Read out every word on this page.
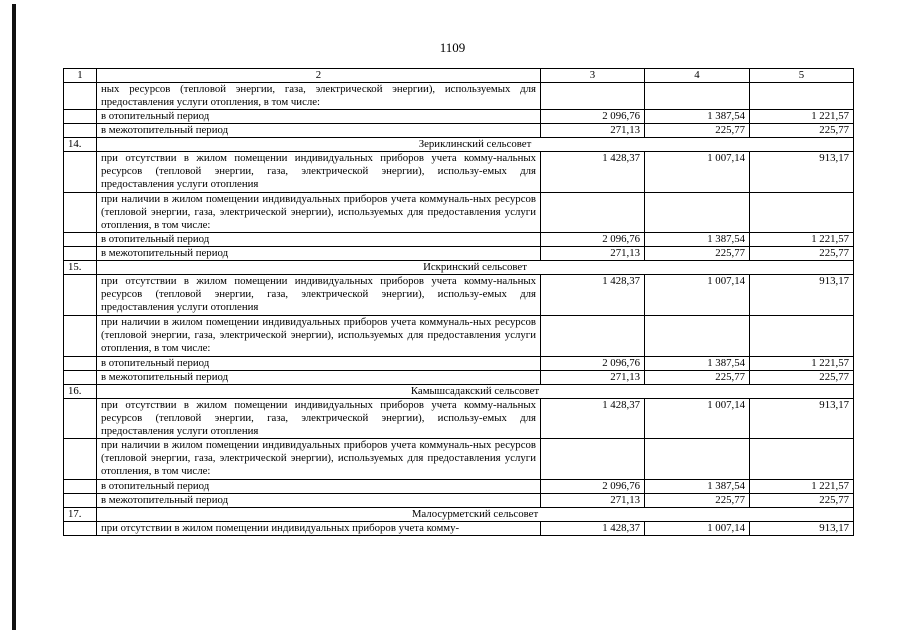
1109
1	2	3	4	5
	ных ресурсов (тепловой энергии, газа, электрической энергии), используемых для предоставления услуги отопления, в том числе:			
	в отопительный период	2 096,76	1 387,54	1 221,57
	в межотопительный период	271,13	225,77	225,77
14.	Зериклинский сельсовет			
	при отсутствии в жилом помещении индивидуальных приборов учета комму-нальных ресурсов (тепловой энергии, газа, электрической энергии), использу-емых для предоставления услуги отопления	1 428,37	1 007,14	913,17
	при наличии в жилом помещении индивидуальных приборов учета коммуналь-ных ресурсов (тепловой энергии, газа, электрической энергии), используемых для предоставления услуги отопления, в том числе:			
	в отопительный период	2 096,76	1 387,54	1 221,57
	в межотопительный период	271,13	225,77	225,77
15.	Искринский сельсовет			
	при отсутствии в жилом помещении индивидуальных приборов учета комму-нальных ресурсов (тепловой энергии, газа, электрической энергии), использу-емых для предоставления услуги отопления	1 428,37	1 007,14	913,17
	при наличии в жилом помещении индивидуальных приборов учета коммуналь-ных ресурсов (тепловой энергии, газа, электрической энергии), используемых для предоставления услуги отопления, в том числе:			
	в отопительный период	2 096,76	1 387,54	1 221,57
	в межотопительный период	271,13	225,77	225,77
16.	Камышсадакский сельсовет			
	при отсутствии в жилом помещении индивидуальных приборов учета комму-нальных ресурсов (тепловой энергии, газа, электрической энергии), использу-емых для предоставления услуги отопления	1 428,37	1 007,14	913,17
	при наличии в жилом помещении индивидуальных приборов учета коммуналь-ных ресурсов (тепловой энергии, газа, электрической энергии), используемых для предоставления услуги отопления, в том числе:			
	в отопительный период	2 096,76	1 387,54	1 221,57
	в межотопительный период	271,13	225,77	225,77
17.	Малосурметский сельсовет			
	при отсутствии в жилом помещении индивидуальных приборов учета комму-	1 428,37	1 007,14	913,17
